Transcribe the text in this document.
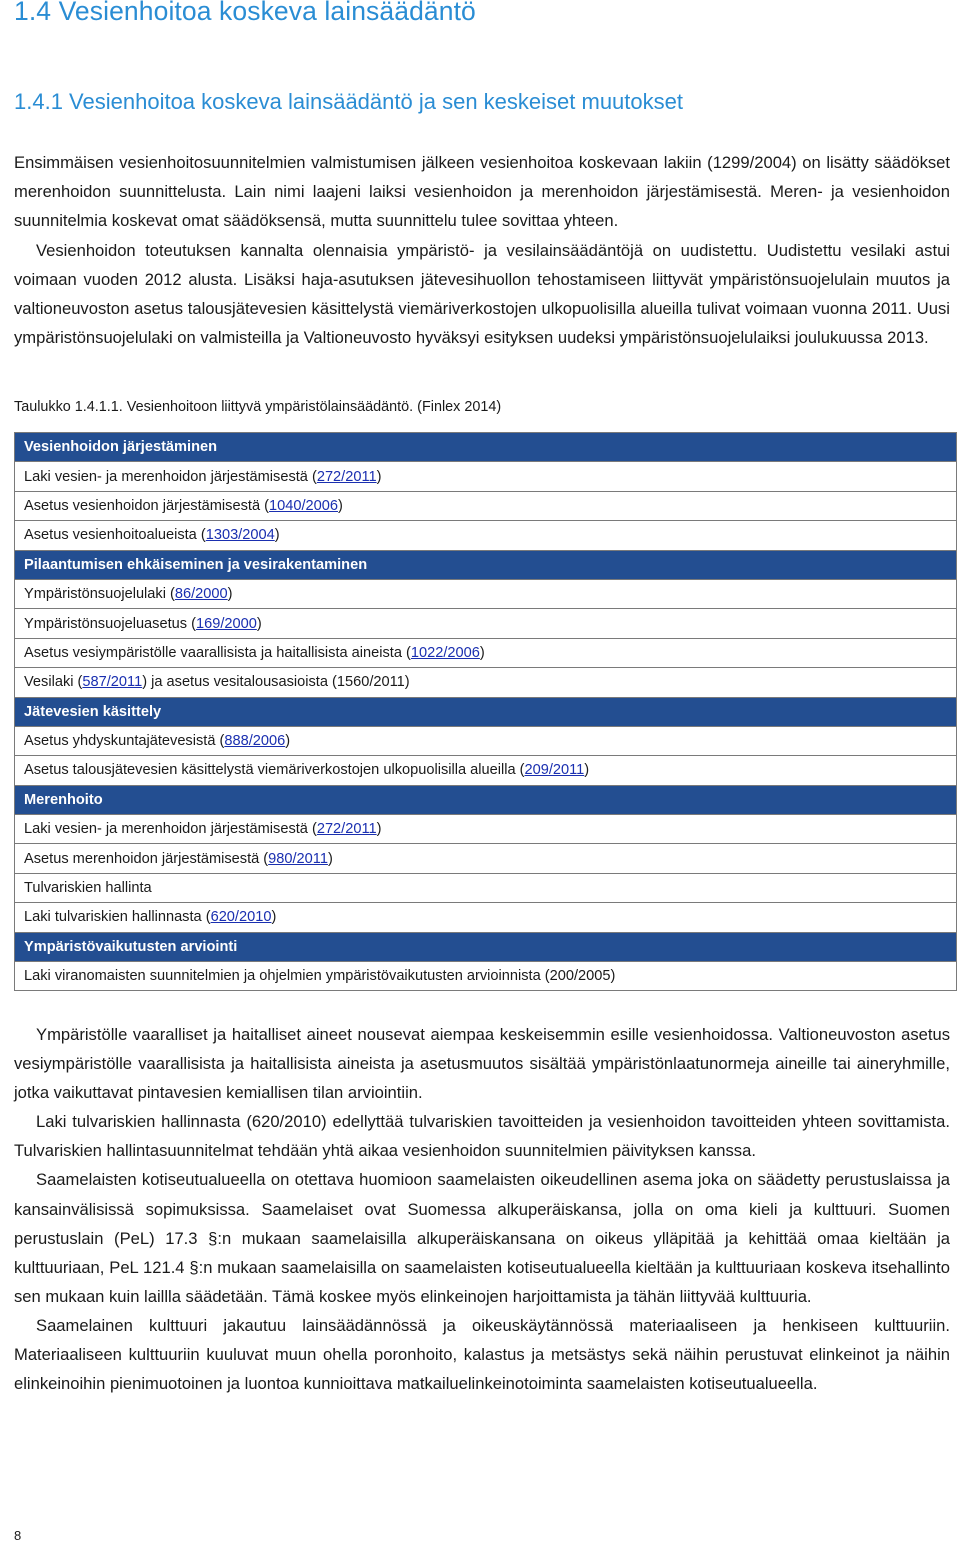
1.4 Vesienhoitoa koskeva lainsäädäntö
1.4.1 Vesienhoitoa koskeva lainsäädäntö ja sen keskeiset muutokset

Ensimmäisen vesienhoitosuunnitelmien valmistumisen jälkeen vesienhoitoa koskevaan lakiin (1299/2004) on lisätty säädökset merenhoidon suunnittelusta. Lain nimi laajeni laiksi vesienhoidon ja merenhoidon järjestämisestä. Meren- ja vesienhoidon suunnitelmia koskevat omat säädöksensä, mutta suunnittelu tulee sovittaa yhteen.

Vesienhoidon toteutuksen kannalta olennaisia ympäristö- ja vesilainsäädäntöjä on uudistettu. Uudistettu vesilaki astui voimaan vuoden 2012 alusta. Lisäksi haja-asutuksen jätevesihuollon tehostamiseen liittyvät ympäristönsuojelulain muutos ja valtioneuvoston asetus talousjätevesien käsittelystä viemäriverkostojen ulkopuolisilla alueilla tulivat voimaan vuonna 2011. Uusi ympäristönsuojelulaki on valmisteilla ja Valtioneuvosto hyväksyi esityksen uudeksi ympäristönsuojelulaiksi joulukuussa 2013.

Taulukko 1.4.1.1. Vesienhoitoon liittyvä ympäristölainsäädäntö. (Finlex 2014)

Vesienhoidon järjestäminen
Laki vesien- ja merenhoidon järjestämisestä (272/2011)
Asetus vesienhoidon järjestämisestä (1040/2006)
Asetus vesienhoitoalueista (1303/2004)
Pilaantumisen ehkäiseminen ja vesirakentaminen
Ympäristönsuojelulaki (86/2000)
Ympäristönsuojeluasetus (169/2000)
Asetus vesiympäristölle vaarallisista ja haitallisista aineista (1022/2006)
Vesilaki (587/2011) ja asetus vesitalousasioista (1560/2011)
Jätevesien käsittely
Asetus yhdyskuntajätevesistä (888/2006)
Asetus talousjätevesien käsittelystä viemäriverkostojen ulkopuolisilla alueilla (209/2011)
Merenhoito
Laki vesien- ja merenhoidon järjestämisestä (272/2011)
Asetus merenhoidon järjestämisestä (980/2011)
Tulvariskien hallinta
Laki tulvariskien hallinnasta (620/2010)
Ympäristövaikutusten arviointi
Laki viranomaisten suunnitelmien ja ohjelmien ympäristövaikutusten arvioinnista (200/2005)

Ympäristölle vaaralliset ja haitalliset aineet nousevat aiempaa keskeisemmin esille vesienhoidossa. Valtioneuvoston asetus vesiympäristölle vaarallisista ja haitallisista aineista ja asetusmuutos sisältää ympäristönlaatunormeja aineille tai aineryhmille, jotka vaikuttavat pintavesien kemiallisen tilan arviointiin.

Laki tulvariskien hallinnasta (620/2010) edellyttää tulvariskien tavoitteiden ja vesienhoidon tavoitteiden yhteen sovittamista. Tulvariskien hallintasuunnitelmat tehdään yhtä aikaa vesienhoidon suunnitelmien päivityksen kanssa.

Saamelaisten kotiseutualueella on otettava huomioon saamelaisten oikeudellinen asema joka on säädetty perustuslaissa ja kansainvälisissä sopimuksissa. Saamelaiset ovat Suomessa alkuperäiskansa, jolla on oma kieli ja kulttuuri. Suomen perustuslain (PeL) 17.3 §:n mukaan saamelaisilla alkuperäiskansana on oikeus ylläpitää ja kehittää omaa kieltään ja kulttuuriaan, PeL 121.4 §:n mukaan saamelaisilla on saamelaisten kotiseutualueella kieltään ja kulttuuriaan koskeva itsehallinto sen mukaan kuin laillla säädetään. Tämä koskee myös elinkeinojen harjoittamista ja tähän liittyvää kulttuuria.

Saamelainen kulttuuri jakautuu lainsäädännössä ja oikeuskäytännössä materiaaliseen ja henkiseen kulttuuriin. Materiaaliseen kulttuuriin kuuluvat muun ohella poronhoito, kalastus ja metsästys sekä näihin perustuvat elinkeinot ja näihin elinkeinoihin pienimuotoinen ja luontoa kunnioittava matkailuelinkeinotoiminta saamelaisten kotiseutualueella.

8
